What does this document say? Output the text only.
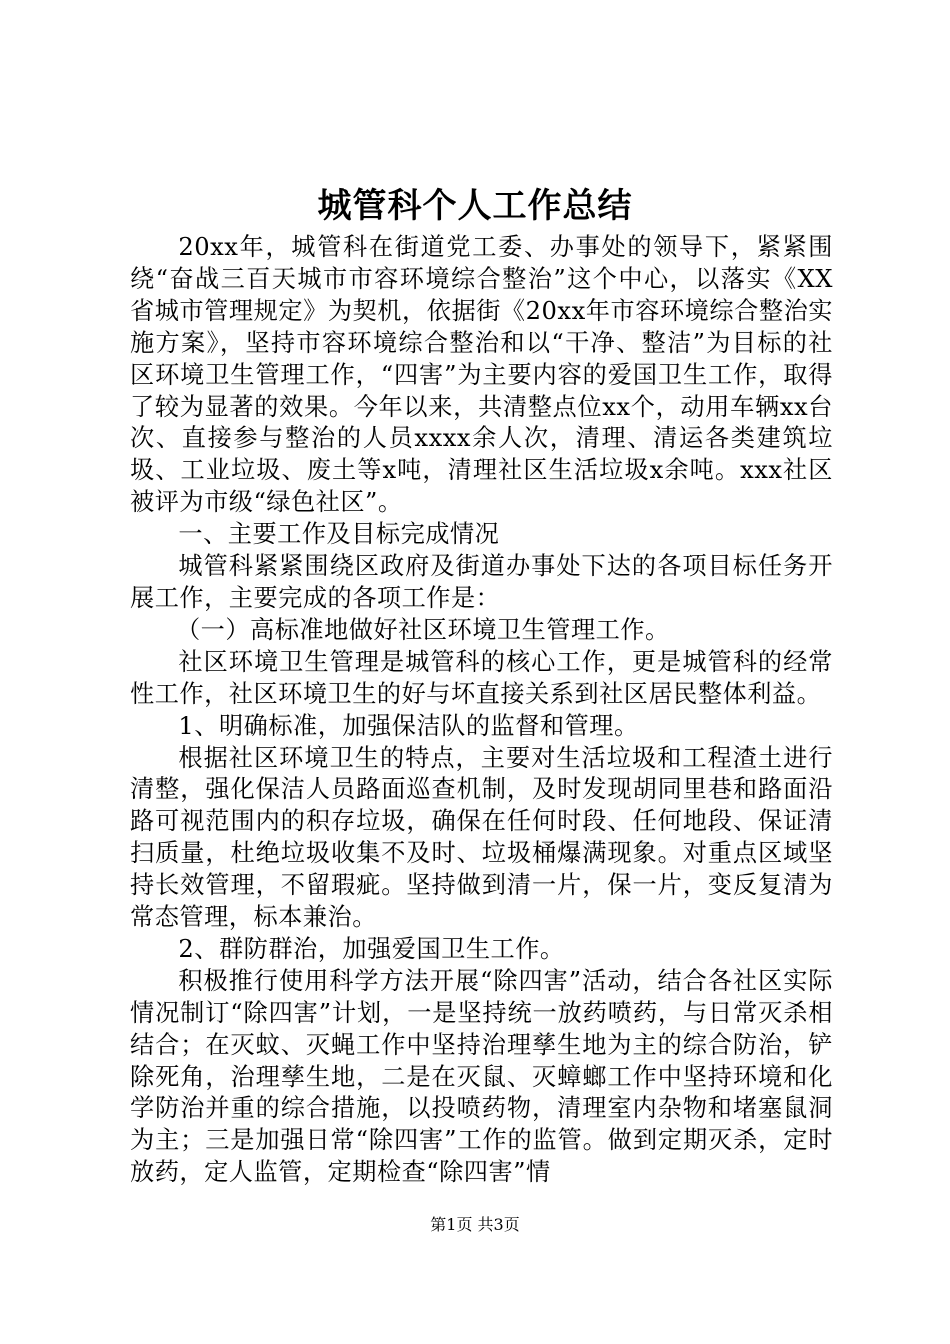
城管科个人工作总结

20xx年，城管科在街道党工委、办事处的领导下，紧紧围绕“奋战三百天城市市容环境综合整治”这个中心，以落实《XX省城市管理规定》为契机，依据街《20xx年市容环境综合整治实施方案》，坚持市容环境综合整治和以“干净、整洁”为目标的社区环境卫生管理工作，“四害”为主要内容的爱国卫生工作，取得了较为显著的效果。今年以来，共清整点位xx个，动用车辆xx台次、直接参与整治的人员xxxx余人次，清理、清运各类建筑垃圾、工业垃圾、废土等x吨，清理社区生活垃圾x余吨。xxx社区被评为市级“绿色社区”。

一、主要工作及目标完成情况

城管科紧紧围绕区政府及街道办事处下达的各项目标任务开展工作，主要完成的各项工作是：

（一）高标准地做好社区环境卫生管理工作。

社区环境卫生管理是城管科的核心工作，更是城管科的经常性工作，社区环境卫生的好与坏直接关系到社区居民整体利益。

1、明确标准，加强保洁队的监督和管理。

根据社区环境卫生的特点，主要对生活垃圾和工程渣土进行清整，强化保洁人员路面巡查机制，及时发现胡同里巷和路面沿路可视范围内的积存垃圾，确保在任何时段、任何地段、保证清扫质量，杜绝垃圾收集不及时、垃圾桶爆满现象。对重点区域坚持长效管理，不留瑕疵。坚持做到清一片，保一片，变反复清为常态管理，标本兼治。

2、群防群治，加强爱国卫生工作。

积极推行使用科学方法开展“除四害”活动，结合各社区实际情况制订“除四害”计划，一是坚持统一放药喷药，与日常灭杀相结合；在灭蚊、灭蝇工作中坚持治理孳生地为主的综合防治，铲除死角，治理孳生地，二是在灭鼠、灭蟑螂工作中坚持环境和化学防治并重的综合措施，以投喷药物，清理室内杂物和堵塞鼠洞为主；三是加强日常“除四害”工作的监管。做到定期灭杀，定时放药，定人监管，定期检查“除四害”情

第1页 共3页
